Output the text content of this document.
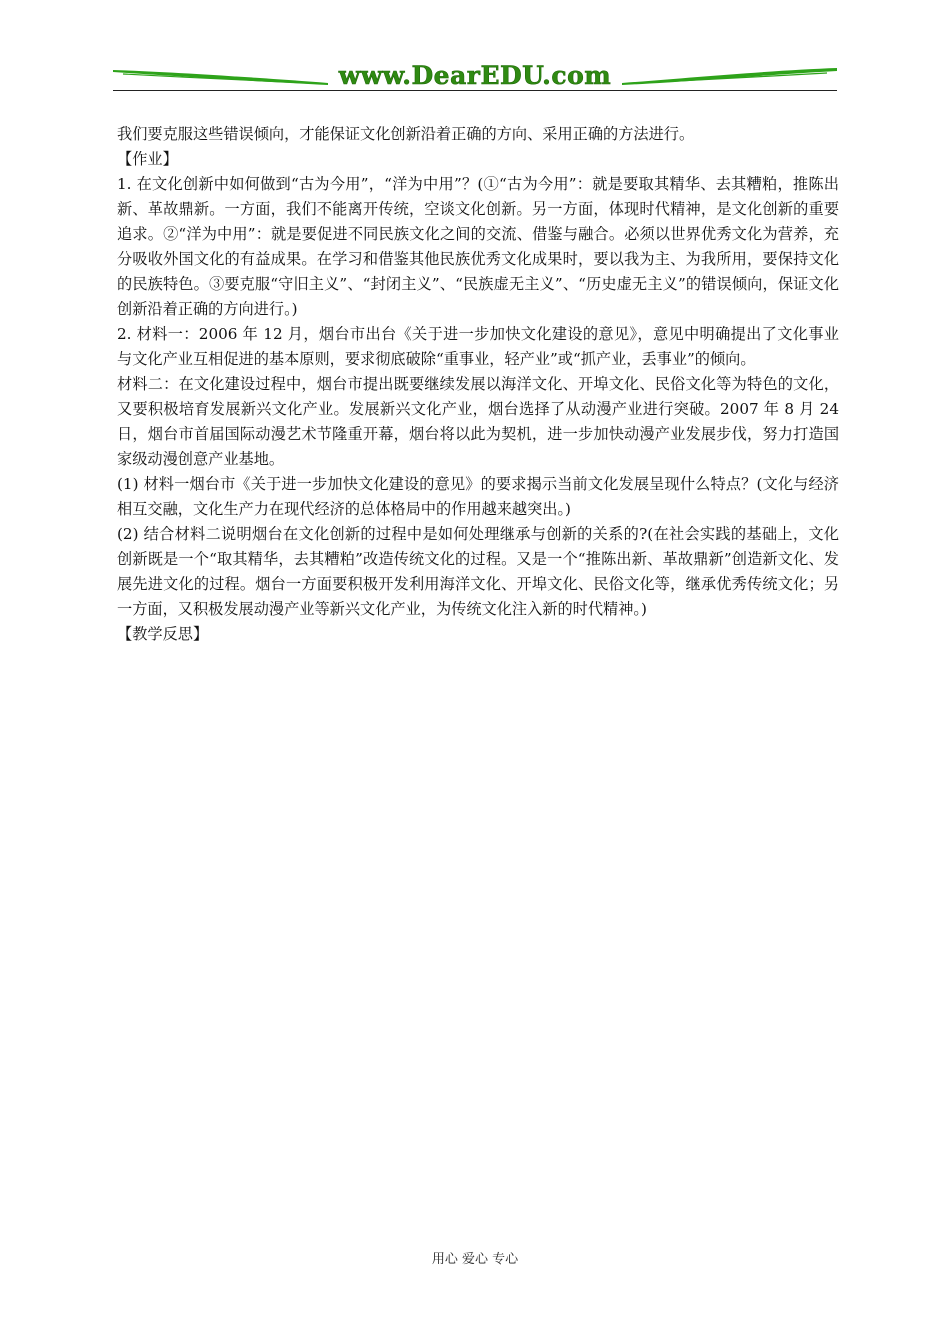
www.DearEDU.com

我们要克服这些错误倾向，才能保证文化创新沿着正确的方向、采用正确的方法进行。

【作业】

1. 在文化创新中如何做到“古为今用”，“洋为中用”？(①“古为今用”：就是要取其精华、去其糟粕，推陈出新、革故鼎新。一方面，我们不能离开传统，空谈文化创新。另一方面，体现时代精神，是文化创新的重要追求。②“洋为中用”：就是要促进不同民族文化之间的交流、借鉴与融合。必须以世界优秀文化为营养，充分吸收外国文化的有益成果。在学习和借鉴其他民族优秀文化成果时，要以我为主、为我所用，要保持文化的民族特色。③要克服“守旧主义”、“封闭主义”、“民族虚无主义”、“历史虚无主义”的错误倾向，保证文化创新沿着正确的方向进行。)

2. 材料一：2006 年 12 月，烟台市出台《关于进一步加快文化建设的意见》，意见中明确提出了文化事业与文化产业互相促进的基本原则，要求彻底破除“重事业，轻产业”或“抓产业，丢事业”的倾向。

材料二：在文化建设过程中，烟台市提出既要继续发展以海洋文化、开埠文化、民俗文化等为特色的文化，又要积极培育发展新兴文化产业。发展新兴文化产业，烟台选择了从动漫产业进行突破。2007 年 8 月 24 日，烟台市首届国际动漫艺术节隆重开幕，烟台将以此为契机，进一步加快动漫产业发展步伐，努力打造国家级动漫创意产业基地。

(1) 材料一烟台市《关于进一步加快文化建设的意见》的要求揭示当前文化发展呈现什么特点？(文化与经济相互交融，文化生产力在现代经济的总体格局中的作用越来越突出。)

(2) 结合材料二说明烟台在文化创新的过程中是如何处理继承与创新的关系的?(在社会实践的基础上，文化创新既是一个“取其精华，去其糟粕”改造传统文化的过程。又是一个“推陈出新、革故鼎新”创造新文化、发展先进文化的过程。烟台一方面要积极开发利用海洋文化、开埠文化、民俗文化等，继承优秀传统文化；另一方面，又积极发展动漫产业等新兴文化产业，为传统文化注入新的时代精神。)

【教学反思】

用心 爱心 专心
